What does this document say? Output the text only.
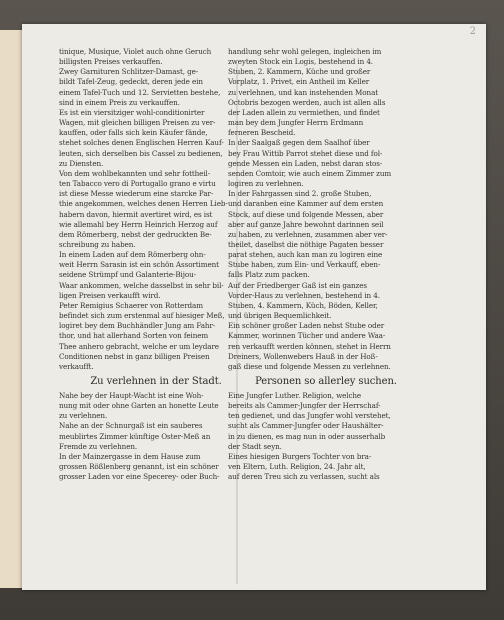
2

tinique, Musique, Violet auch ohne Geruch

billigsten Preises verkauffen.

Zwey Garnituren Schlitzer-Damast, ge-

bildt Tafel-Zeug, gedeckt, deren jede ein

einem Tafel-Tuch und 12. Servietten bestehe,

sind in einem Preis zu verkauffen.

Es ist ein viersitziger wohl-conditionirter

Wagen, mit gleichen billigen Preisen zu ver-

kauffen, oder falls sich kein Käufer fände,

stehet solches denen Englischen Herren Kauf-

leuten, sich derselben bis Cassel zu bedienen,

zu Diensten.

Von dem wohlbekannten und sehr fottheil-

ten Tabacco vero di Portugallo grano e virtu

ist diese Messe wiederum eine starcke Par-

thie angekommen, welches denen Herren Lieb-

habern davon, hiermit avertiret wird, es ist

wie allemahl bey Herrn Heinrich Herzog auf

dem Römerberg, nebst der gedruckten Be-

schreibung zu haben.

In einem Laden auf dem Römerberg ohn-

weit Herrn Sarasin ist ein schön Assortiment

seidene Strümpf und Galanterie-Bijou-

Waar ankommen, welche dasselbst in sehr bil-

ligen Preisen verkaufft wird.

Peter Remigius Schaerer von Rotterdam

befindet sich zum erstenmal auf hiesiger Meß,

logiret bey dem Buchhändler Jung am Fahr-

thor, und hat allerhand Sorten von feinem

Thee anhero gebracht, welche er um leydare

Conditionen nebst in ganz billigen Preisen

verkaufft.

Zu verlehnen in der Stadt.

Nahe bey der Haupt-Wacht ist eine Woh-

nung mit oder ohne Garten an honette Leute

zu verlehnen.

Nahe an der Schnurgaß ist ein sauberes

meublirtes Zimmer künftige Oster-Meß an

Fremde zu verlehnen.

In der Mainzergasse in dem Hause zum

grossen Rößlenberg genannt, ist ein schöner

grosser Laden vor eine Specerey- oder Buch-

handlung sehr wohl gelegen, ingleichen im

zweyten Stock ein Logis, bestehend in 4.

Stuben, 2. Kammern, Küche und großer

Vorplatz, 1. Privet, ein Antheil im Keller

zu verlehnen, und kan instehenden Monat

Octobris bezogen werden, auch ist allen alls

der Laden allein zu vermiethen, und findet

man bey dem Jungfer Herrn Erdmann

ferneren Bescheid.

In der Saalgaß gegen dem Saalhof über

bey Frau Wittib Parrot stehet diese und fol-

gende Messen ein Laden, nebst daran stos-

senden Comtoir, wie auch einem Zimmer zum

logiren zu verlehnen.

In der Fahrgassen sind 2. große Stuben,

und daranben eine Kammer auf dem ersten

Stock, auf diese und folgende Messen, aber

aber auf ganze Jahre bewohnt darinnen seil

zu haben, zu verlehnen, zusammen aber ver-

theilet, daselbst die nöthige Pagaten besser

parat stehen, auch kan man zu logiren eine

Stube haben, zum Ein- und Verkauff, eben-

falls Platz zum packen.

Auf der Friedberger Gaß ist ein ganzes

Vorder-Haus zu verlehnen, bestehend in 4.

Stuben, 4. Kammern, Küch, Böden, Keller,

und übrigen Bequemlichkeit.

Ein schöner großer Laden nebst Stube oder

Kammer, worinnen Tücher und andere Waa-

ren verkaufft werden können, stehet in Herrn

Dreiners, Wollenwebers Hauß in der Hoß-

gaß diese und folgende Messen zu verlehnen.

Personen so allerley suchen.

Eine Jungfer Luther. Religion, welche

bereits als Cammer-Jungfer der Herrschaf-

ten gedienet, und das Jungfer wohl verstehet,

sucht als Cammer-Jungfer oder Haushälter-

in zu dienen, es mag nun in oder ausserhalb

der Stadt seyn.

Eines hiesigen Burgers Tochter von bra-

ven Eltern, Luth. Religion, 24. Jahr alt,

auf deren Treu sich zu verlassen, sucht als
